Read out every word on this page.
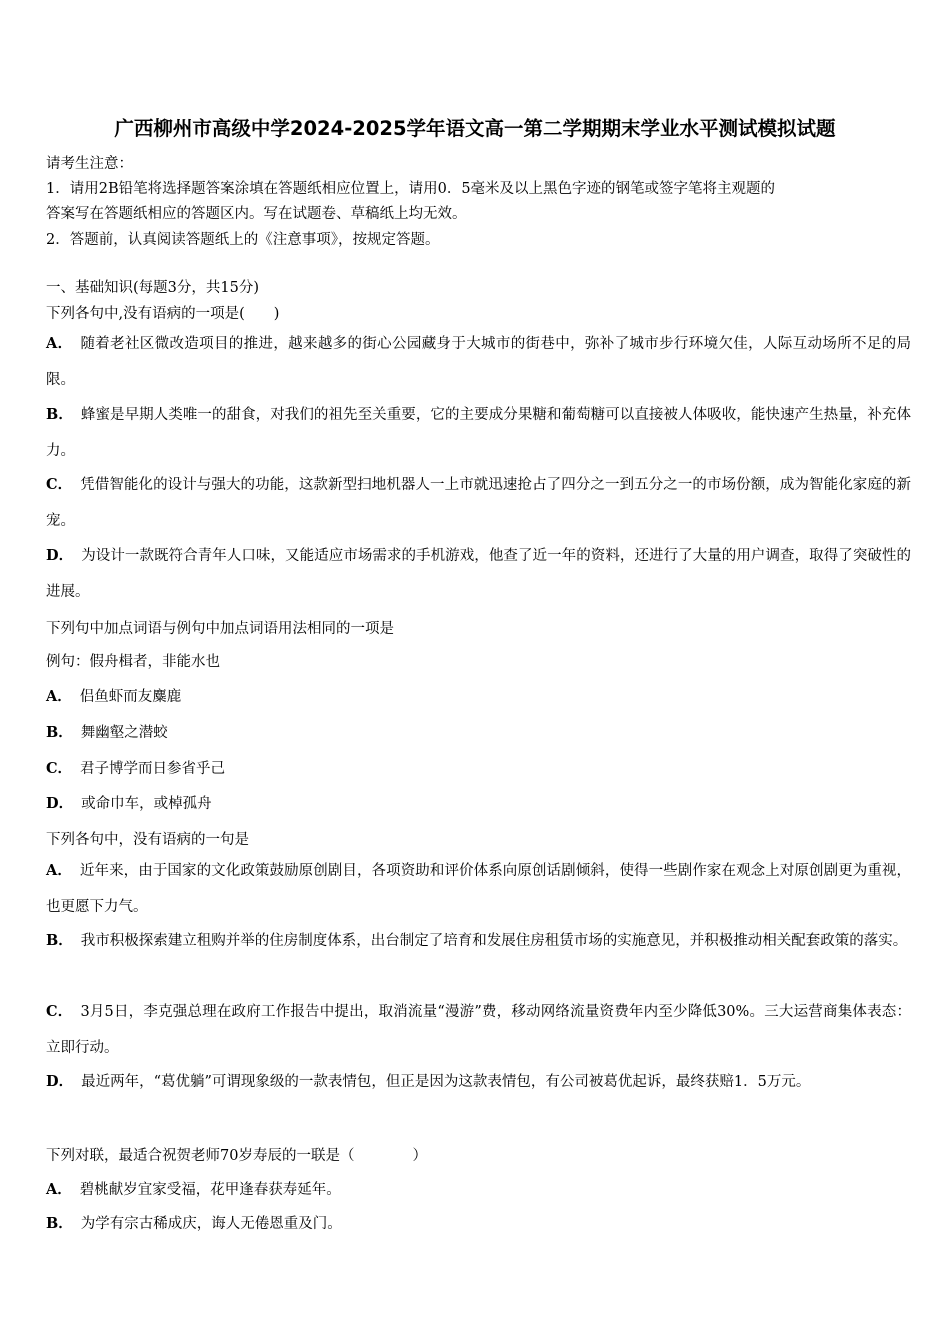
广西柳州市高级中学2024-2025学年语文高一第二学期期末学业水平测试模拟试题
请考生注意：
1．请用2B铅笔将选择题答案涂填在答题纸相应位置上，请用0．5毫米及以上黑色字迹的钢笔或签字笔将主观题的
答案写在答题纸相应的答题区内。写在试题卷、草稿纸上均无效。
2．答题前，认真阅读答题纸上的《注意事项》，按规定答题。
一、基础知识(每题3分，共15分)
下列各句中,没有语病的一项是(　　)
A． 随着老社区微改造项目的推进，越来越多的街心公园藏身于大城市的街巷中，弥补了城市步行环境欠佳，人际互动场所不足的局限。
B． 蜂蜜是早期人类唯一的甜食，对我们的祖先至关重要，它的主要成分果糖和葡萄糖可以直接被人体吸收，能快速产生热量，补充体力。
C． 凭借智能化的设计与强大的功能，这款新型扫地机器人一上市就迅速抢占了四分之一到五分之一的市场份额，成为智能化家庭的新宠。
D． 为设计一款既符合青年人口味，又能适应市场需求的手机游戏，他查了近一年的资料，还进行了大量的用户调查，取得了突破性的进展。
下列句中加点词语与例句中加点词语用法相同的一项是
例句：假舟楫者，非能水也
A． 侣鱼虾而友麋鹿
B． 舞幽壑之潜蛟
C． 君子博学而日参省乎己
D． 或命巾车，或棹孤舟
下列各句中，没有语病的一句是
A． 近年来，由于国家的文化政策鼓励原创剧目，各项资助和评价体系向原创话剧倾斜，使得一些剧作家在观念上对原创剧更为重视，也更愿下力气。
B． 我市积极探索建立租购并举的住房制度体系，出台制定了培育和发展住房租赁市场的实施意见，并积极推动相关配套政策的落实。
C． 3月5日，李克强总理在政府工作报告中提出，取消流量“漫游”费，移动网络流量资费年内至少降低30%。三大运营商集体表态：立即行动。
D． 最近两年，“葛优躺”可谓现象级的一款表情包，但正是因为这款表情包，有公司被葛优起诉，最终获赔1．5万元。
下列对联，最适合祝贺老师70岁寿辰的一联是（　　　　）
A． 碧桃献岁宜家受福，花甲逢春获寿延年。
B． 为学有宗古稀成庆，诲人无倦恩重及门。
